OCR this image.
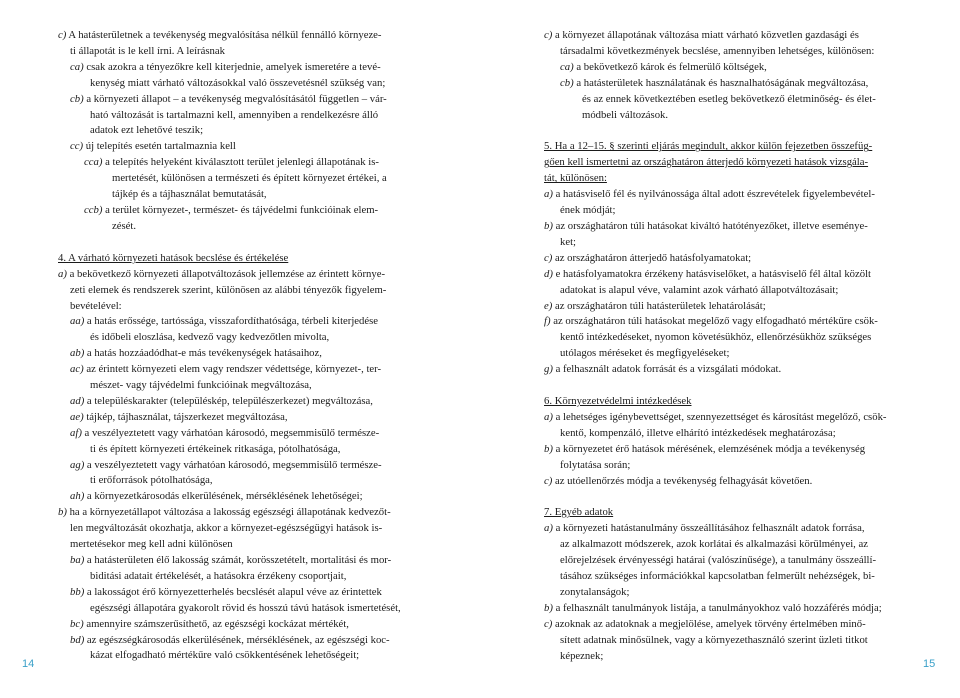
c) A hatásterületnek a tevékenység megvalósítása nélkül fennálló környeze-
ti állapotát is le kell írni. A leírásnak
ca) csak azokra a tényezőkre kell kiterjednie, amelyek ismeretére a tevé-
kenység miatt várható változásokkal való összevetésnél szükség van;
cb) a környezeti állapot – a tevékenység megvalósításától független – vár-
ható változását is tartalmazni kell, amennyiben a rendelkezésre álló
adatok ezt lehetővé teszik;
cc) új telepítés esetén tartalmaznia kell
cca) a telepítés helyeként kiválasztott terület jelenlegi állapotának is-
mertetését, különösen a természeti és épített környezet értékei, a
tájkép és a tájhasználat bemutatását,
ccb) a terület környezet-, természet- és tájvédelmi funkcióinak elem-
zését.
4. A várható környezeti hatások becslése és értékelése
a) a bekövetkező környezeti állapotváltozások jellemzése az érintett környe-
zeti elemek és rendszerek szerint, különösen az alábbi tényezők figyelem-
bevételével:
aa) a hatás erőssége, tartóssága, visszafordíthatósága, térbeli kiterjedése
és időbeli eloszlása, kedvező vagy kedvezőtlen mivolta,
ab) a hatás hozzáadódhat-e más tevékenységek hatásaihoz,
ac) az érintett környezeti elem vagy rendszer védettsége, környezet-, ter-
mészet- vagy tájvédelmi funkcióinak megváltozása,
ad) a településkarakter (településkép, települészerkezet) megváltozása,
ae) tájkép, tájhasználat, tájszerkezet megváltozása,
af) a veszélyeztetett vagy várhatóan károsodó, megsemmisülő természe-
ti és épített környezeti értékeinek ritkasága, pótolhatósága,
ag) a veszélyeztetett vagy várhatóan károsodó, megsemmisülő természe-
ti erőforrások pótolhatósága,
ah) a környezetkárosodás elkerülésének, mérséklésének lehetőségei;
b) ha a környezetállapot változása a lakosság egészségi állapotának kedvezőt-
len megváltozását okozhatja, akkor a környezet-egészségügyi hatások is-
mertetésekor meg kell adni különösen
ba) a hatásterületen élő lakosság számát, korösszetételt, mortalitási és mor-
biditási adatait értékelését, a hatásokra érzékeny csoportjait,
bb) a lakosságot érő környezetterhelés becslését alapul véve az érintettek
egészségi állapotára gyakorolt rövid és hosszú távú hatások ismertetését,
bc) amennyire számszerűsíthető, az egészségi kockázat mértékét,
bd) az egészségkárosodás elkerülésének, mérséklésének, az egészségi koc-
kázat elfogadható mértékűre való csökkentésének lehetőségeit;
c) a környezet állapotának változása miatt várható közvetlen gazdasági és
társadalmi következmények becslése, amennyiben lehetséges, különösen:
ca) a bekövetkező károk és felmerülő költségek,
cb) a hatásterületek használatának és hasznalhatóságának megváltozása,
és az ennek következtében esetleg bekövetkező életminőség- és élet-
módbeli változások.
5. Ha a 12–15. § szerinti eljárás megindult, akkor külön fejezetben összefüg-
gően kell ismertetni az országhatáron átterjedő környezeti hatások vizsgála-
tát, különösen:
a) a hatásviselő fél és nyilvánossága által adott észrevételek figyelembevétel-
ének módját;
b) az országhatáron túli hatásokat kiváltó hatótényezőket, illetve eseménye-
ket;
c) az országhatáron átterjedő hatásfolyamatokat;
d) e hatásfolyamatokra érzékeny hatásviselőket, a hatásviselő fél által közölt
adatokat is alapul véve, valamint azok várható állapotváltozásait;
e) az országhatáron túli hatásterületek lehatárolását;
f) az országhatáron túli hatásokat megelőző vagy elfogadható mértékűre csök-
kentő intézkedéseket, nyomon követésükhöz, ellenőrzésükhöz szükséges
utólagos méréseket és megfigyeléseket;
g) a felhasznált adatok forrását és a vizsgálati módokat.
6. Környezetvédelmi intézkedések
a) a lehetséges igénybevettséget, szennyezettséget és károsítást megelőző, csök-
kentő, kompenzáló, illetve elhárító intézkedések meghatározása;
b) a környezetet érő hatások mérésének, elemzésének módja a tevékenység
folytatása során;
c) az utóellenőrzés módja a tevékenység felhagyását követően.
7. Egyéb adatok
a) a környezeti hatástanulmány összeállításához felhasznált adatok forrása,
az alkalmazott módszerek, azok korlátai és alkalmazási körülményei, az
előrejelzések érvényességi határai (valószínűsége), a tanulmány összeállí-
tásához szükséges információkkal kapcsolatban felmerült nehézségek, bi-
zonytalanságok;
b) a felhasznált tanulmányok listája, a tanulmányokhoz való hozzáférés módja;
c) azoknak az adatoknak a megjelölése, amelyek törvény értelmében minő-
sített adatnak minősülnek, vagy a környezethasználó szerint üzleti titkot
képeznek;
14	15
